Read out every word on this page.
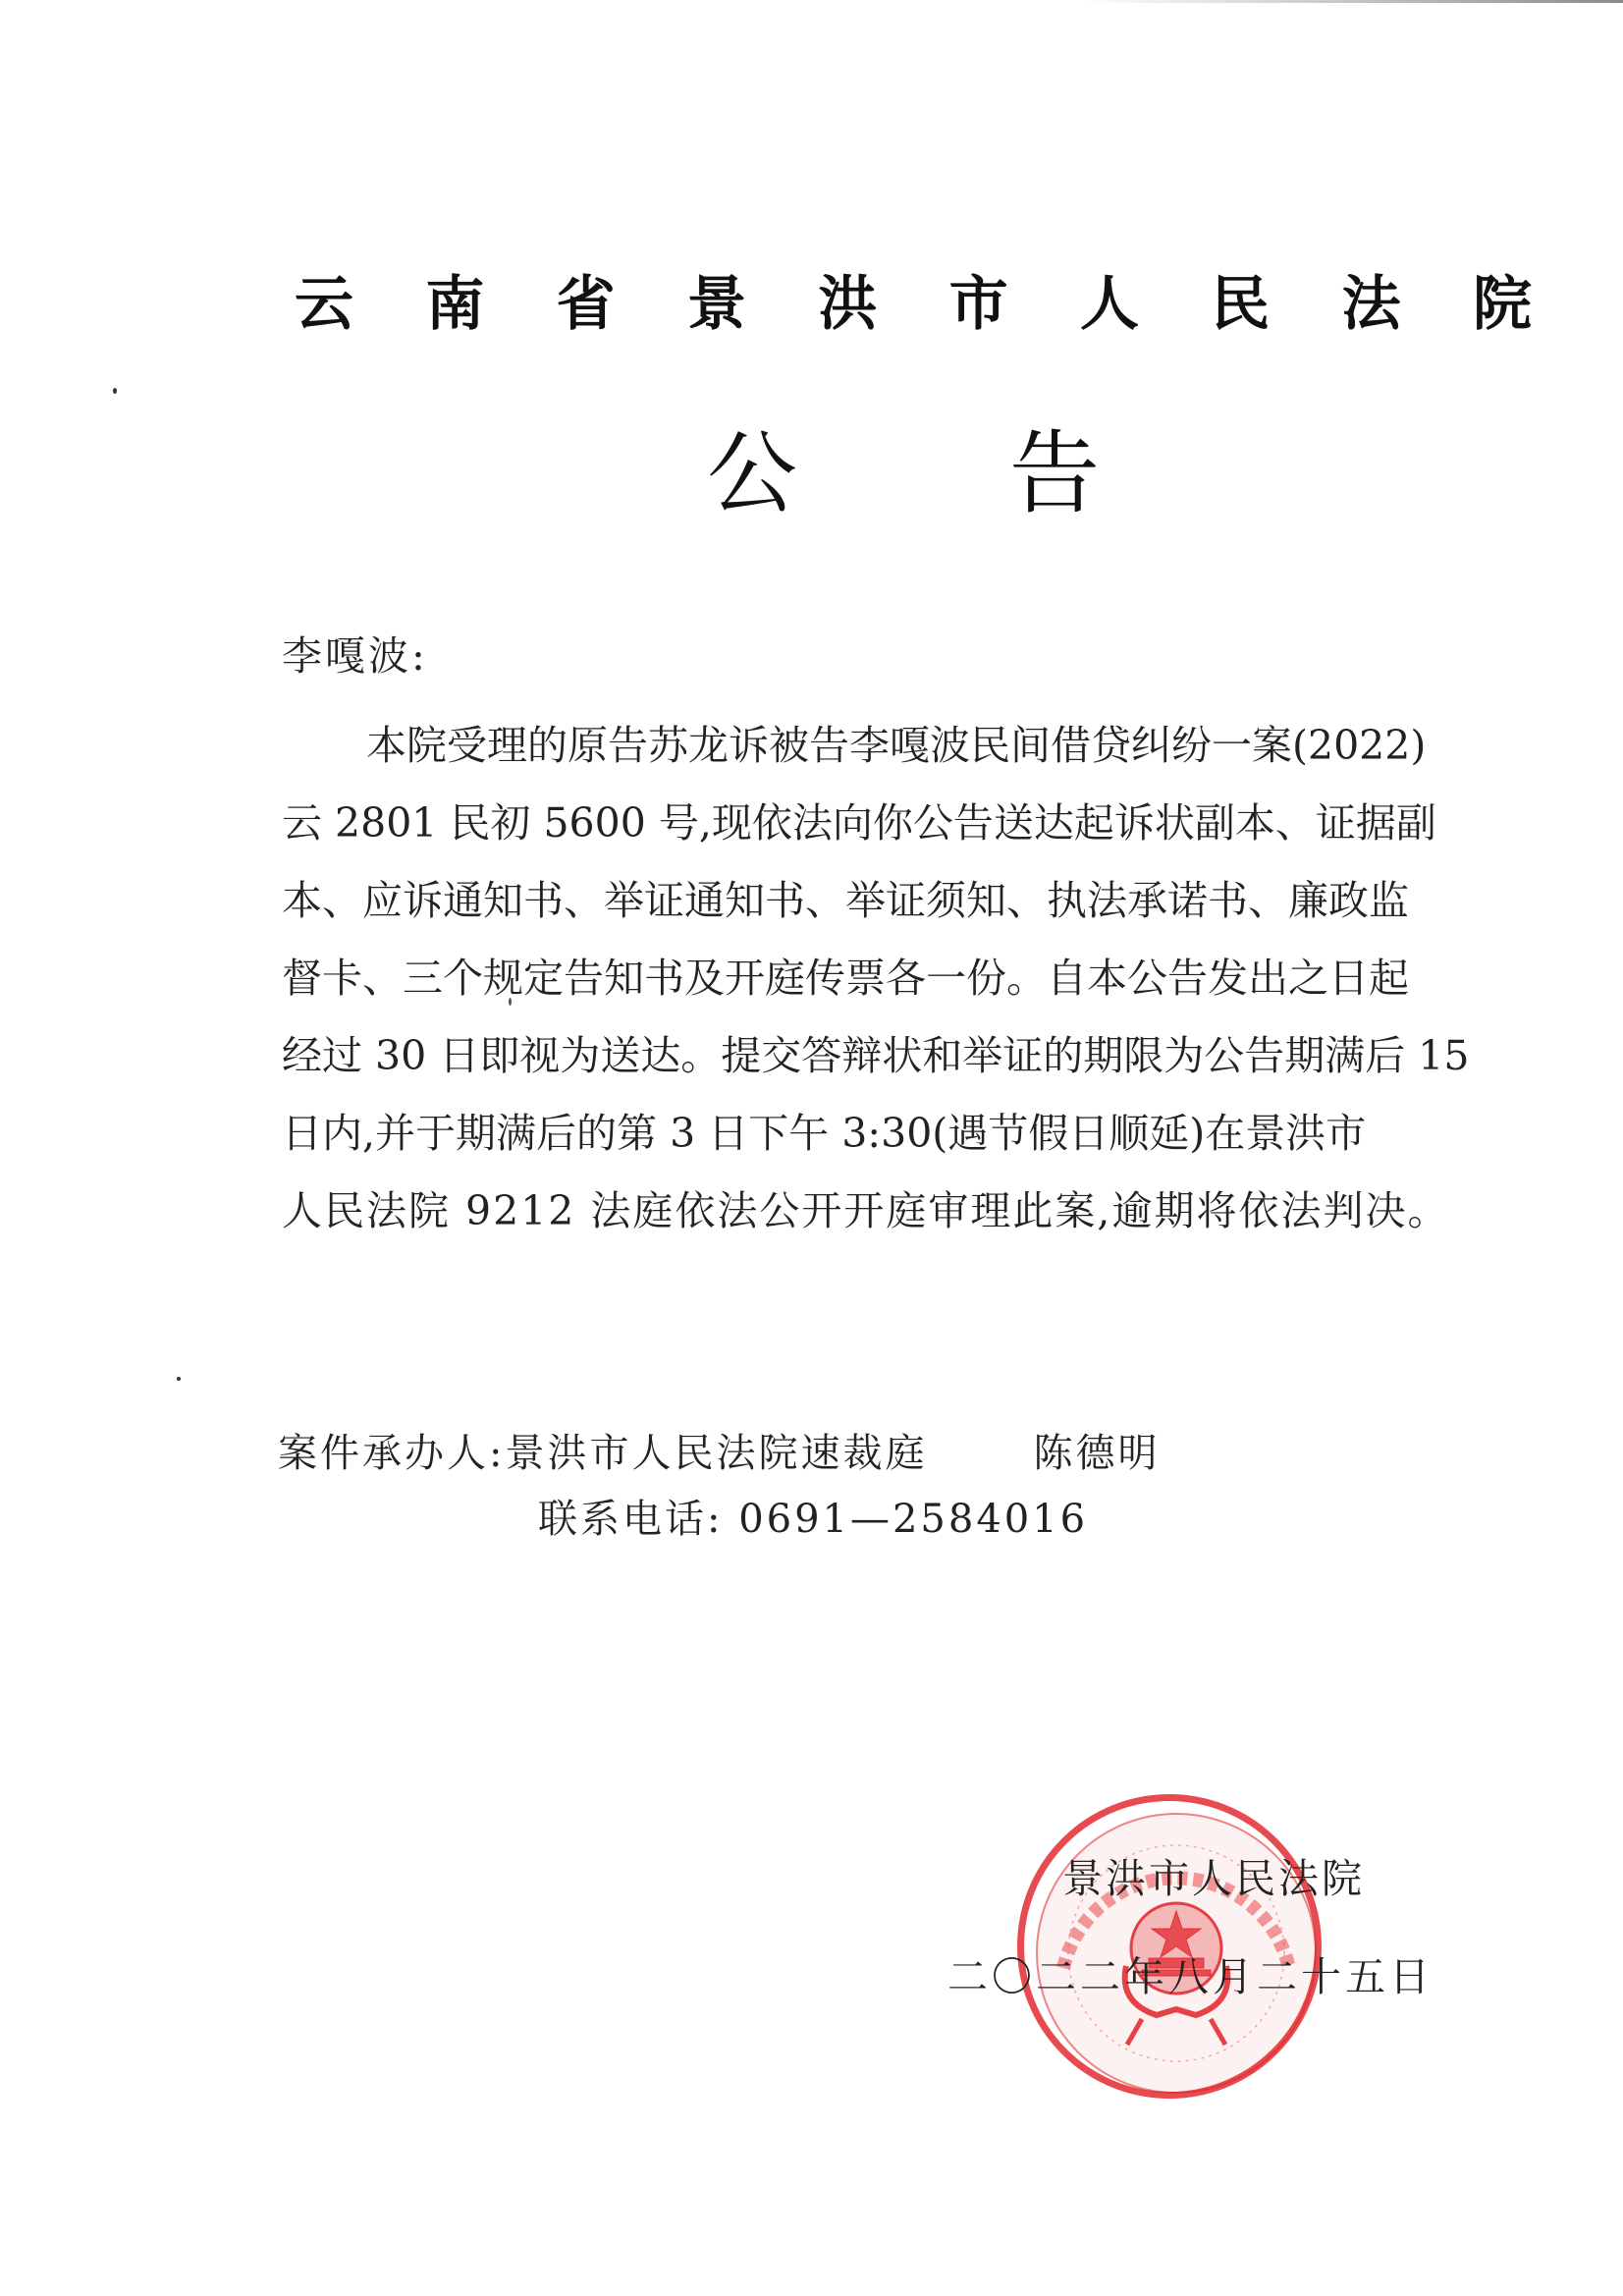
云 南 省 景 洪 市 人 民 法 院
公 告
李嘎波:
本院受理的原告苏龙诉被告李嘎波民间借贷纠纷一案(2022)
云 2801 民初 5600 号,现依法向你公告送达起诉状副本、证据副
本、应诉通知书、举证通知书、举证须知、执法承诺书、廉政监
督卡、三个规定告知书及开庭传票各一份。自本公告发出之日起
经过 30 日即视为送达。提交答辩状和举证的期限为公告期满后 15
日内,并于期满后的第 3 日下午 3:30(遇节假日顺延)在景洪市
人民法院 9212 法庭依法公开开庭审理此案,逾期将依法判决。
案件承办人:景洪市人民法院速裁庭	陈德明
联系电话: 0691—2584016
景洪市人民法院
二〇二二年八月二十五日
